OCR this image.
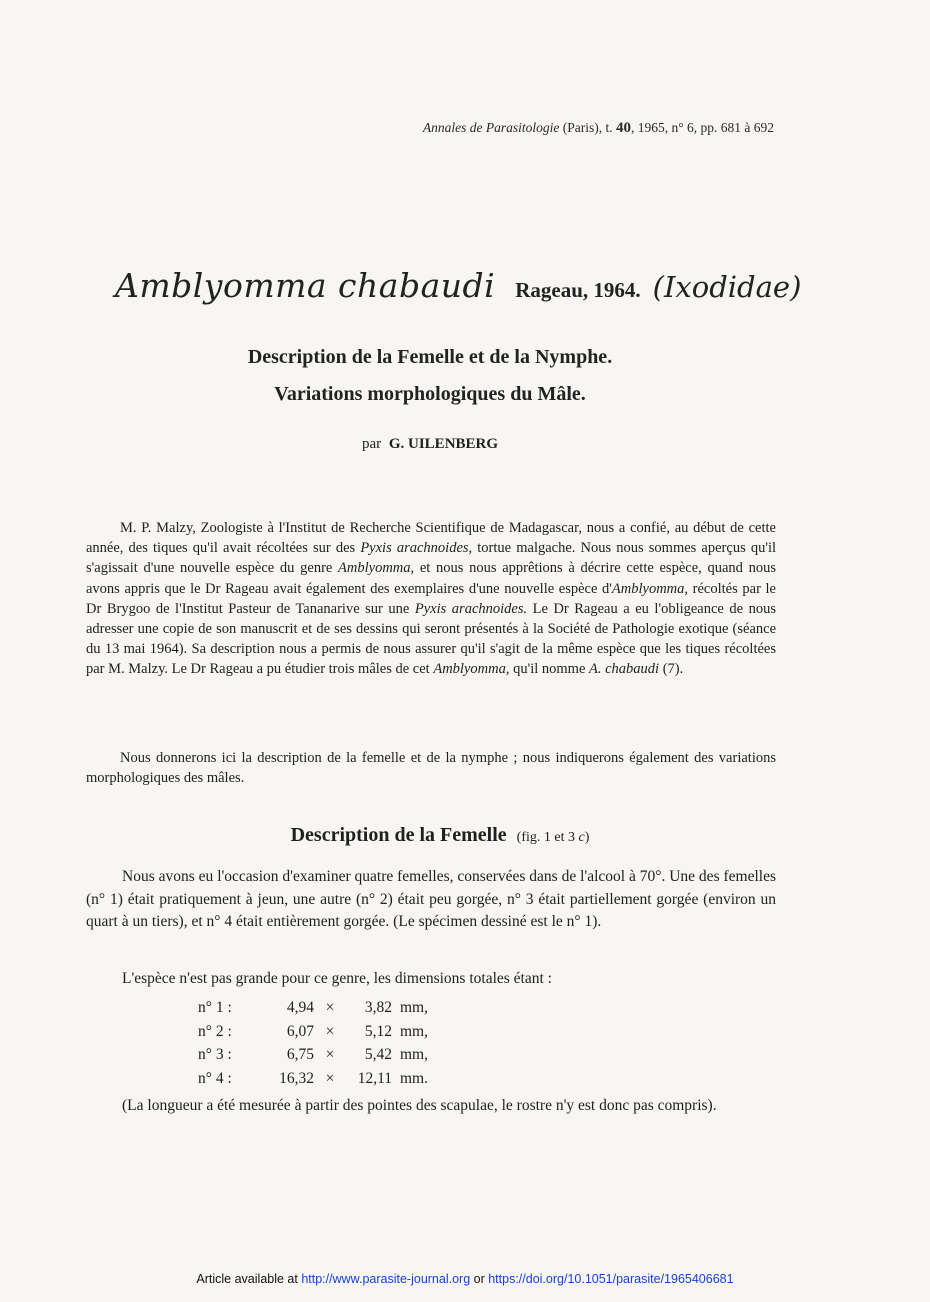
Annales de Parasitologie (Paris), t. 40, 1965, n° 6, pp. 681 à 692
Amblyomma chabaudi Rageau, 1964. (Ixodidae)
Description de la Femelle et de la Nymphe.
Variations morphologiques du Mâle.
par G. UILENBERG

M. P. Malzy, Zoologiste à l'Institut de Recherche Scientifique de Madagascar, nous a confié, au début de cette année, des tiques qu'il avait récoltées sur des Pyxis arachnoides, tortue malgache. Nous nous sommes aperçus qu'il s'agissait d'une nouvelle espèce du genre Amblyomma, et nous nous apprêtions à décrire cette espèce, quand nous avons appris que le Dr Rageau avait également des exemplaires d'une nouvelle espèce d'Amblyomma, récoltés par le Dr Brygoo de l'Institut Pasteur de Tananarive sur une Pyxis arachnoides. Le Dr Rageau a eu l'obligeance de nous adresser une copie de son manuscrit et de ses dessins qui seront présentés à la Société de Pathologie exotique (séance du 13 mai 1964). Sa description nous a permis de nous assurer qu'il s'agit de la même espèce que les tiques récoltées par M. Malzy. Le Dr Rageau a pu étudier trois mâles de cet Amblyomma, qu'il nomme A. chabaudi (7).

Nous donnerons ici la description de la femelle et de la nymphe ; nous indiquerons également des variations morphologiques des mâles.

Description de la Femelle (fig. 1 et 3 c)

Nous avons eu l'occasion d'examiner quatre femelles, conservées dans de l'alcool à 70°. Une des femelles (n° 1) était pratiquement à jeun, une autre (n° 2) était peu gorgée, n° 3 était partiellement gorgée (environ un quart à un tiers), et n° 4 était entièrement gorgée. (Le spécimen dessiné est le n° 1).

L'espèce n'est pas grande pour ce genre, les dimensions totales étant :

n° 1 :	4,94 ×	3,82 mm,
n° 2 :	6,07 ×	5,12 mm,
n° 3 :	6,75 ×	5,42 mm,
n° 4 :	16,32 ×	12,11 mm.

(La longueur a été mesurée à partir des pointes des scapulae, le rostre n'y est donc pas compris).

Article available at http://www.parasite-journal.org or https://doi.org/10.1051/parasite/1965406681
